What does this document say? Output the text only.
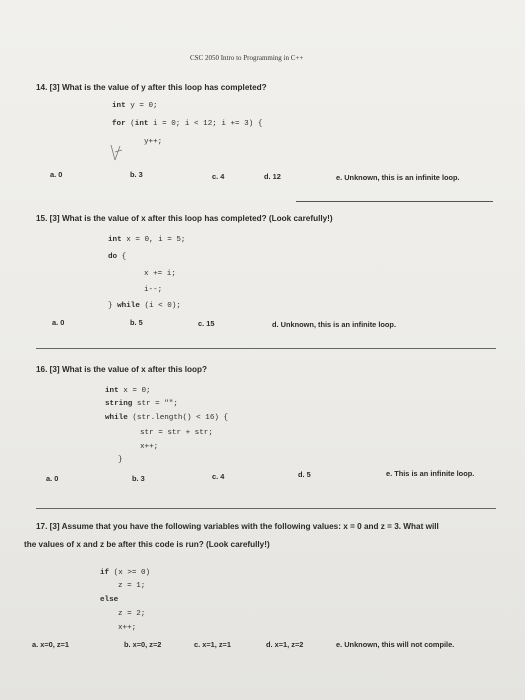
CSC 2050 Intro to Programming in C++
14. [3] What is the value of y after this loop has completed?
int y = 0;
for (int i = 0; i < 12; i += 3) {
y++;
a. 0	b. 3	c. 4	d. 12	e. Unknown, this is an infinite loop.
15. [3] What is the value of x after this loop has completed? (Look carefully!)
int x = 0, i = 5;
do {
x += i;
i--;
} while (i < 0);
a. 0	b. 5	c. 15	d. Unknown, this is an infinite loop.
16. [3] What is the value of x after this loop?
int x = 0;
string str = "";
while (str.length() < 16) {
str = str + str;
x++;
}
a. 0	b. 3	c. 4	d. 5	e. This is an infinite loop.
17. [3] Assume that you have the following variables with the following values: x = 0 and z = 3. What will
the values of x and z be after this code is run? (Look carefully!)
if (x >= 0)
z = 1;
else
z = 2;
x++;
a. x=0, z=1	b. x=0, z=2	c. x=1, z=1	d. x=1, z=2	e. Unknown, this will not compile.
